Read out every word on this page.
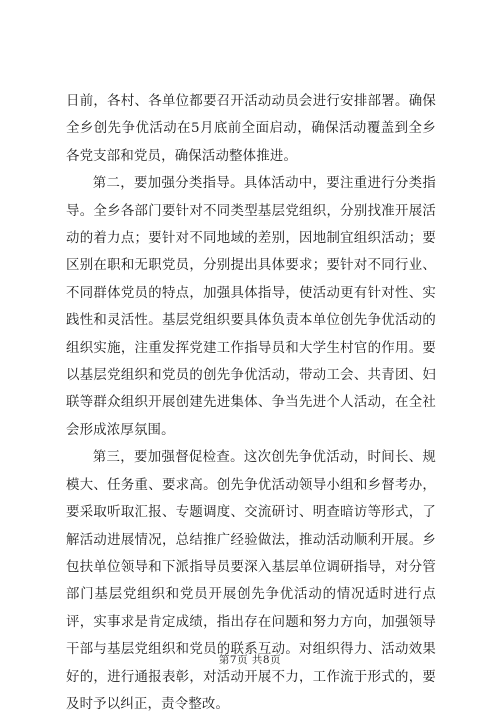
日前，各村、各单位都要召开活动动员会进行安排部署。确保全乡创先争优活动在5月底前全面启动，确保活动覆盖到全乡各党支部和党员，确保活动整体推进。

第二，要加强分类指导。具体活动中，要注重进行分类指导。全乡各部门要针对不同类型基层党组织，分别找准开展活动的着力点；要针对不同地域的差别，因地制宜组织活动；要区别在职和无职党员，分别提出具体要求；要针对不同行业、不同群体党员的特点，加强具体指导，使活动更有针对性、实践性和灵活性。基层党组织要具体负责本单位创先争优活动的组织实施，注重发挥党建工作指导员和大学生村官的作用。要以基层党组织和党员的创先争优活动，带动工会、共青团、妇联等群众组织开展创建先进集体、争当先进个人活动，在全社会形成浓厚氛围。

第三，要加强督促检查。这次创先争优活动，时间长、规模大、任务重、要求高。创先争优活动领导小组和乡督考办，要采取听取汇报、专题调度、交流研讨、明查暗访等形式，了解活动进展情况，总结推广经验做法，推动活动顺利开展。乡包扶单位领导和下派指导员要深入基层单位调研指导，对分管部门基层党组织和党员开展创先争优活动的情况适时进行点评，实事求是肯定成绩，指出存在问题和努力方向，加强领导干部与基层党组织和党员的联系互动。对组织得力、活动效果好的，进行通报表彰，对活动开展不力，工作流于形式的，要及时予以纠正，责令整改。

第7页 共8页
